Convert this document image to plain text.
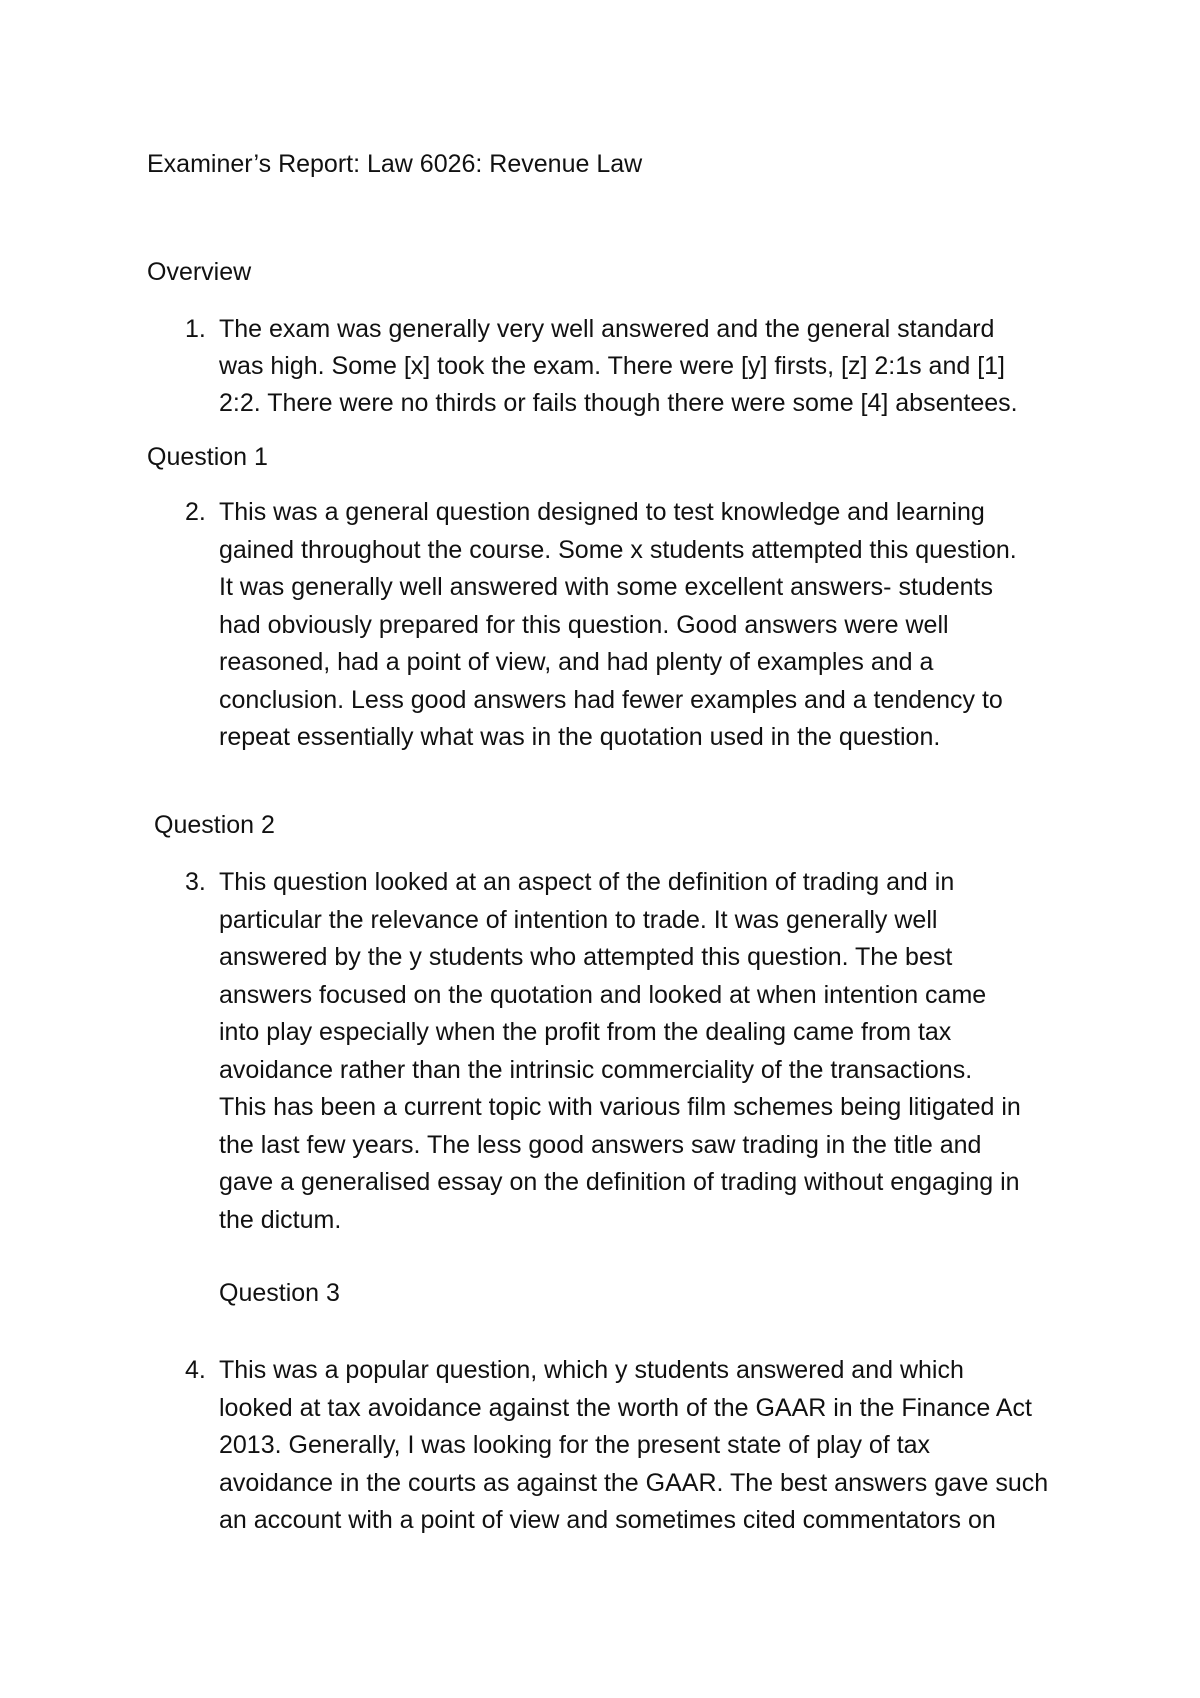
Examiner’s Report: Law 6026: Revenue Law
Overview
1. The exam was generally very well answered and the general standard
was high. Some [x] took the exam. There were [y] firsts, [z] 2:1s and [1]
2:2. There were no thirds or fails though there were some [4] absentees.
Question 1
2. This was a general question designed to test knowledge and learning
gained throughout the course. Some x students attempted this question.
It was generally well answered with some excellent answers- students
had obviously prepared for this question. Good answers were well
reasoned, had a point of view, and had plenty of examples and a
conclusion. Less good answers had fewer examples and a tendency to
repeat essentially what was in the quotation used in the question.
Question 2
3. This question looked at an aspect of the definition of trading and in
particular the relevance of intention to trade. It was generally well
answered by the y students who attempted this question. The best
answers focused on the quotation and looked at when intention came
into play especially when the profit from the dealing came from tax
avoidance rather than the intrinsic commerciality of the transactions.
This has been a current topic with various film schemes being litigated in
the last few years. The less good answers saw trading in the title and
gave a generalised essay on the definition of trading without engaging in
the dictum.
Question 3
4. This was a popular question, which y students answered and which
looked at tax avoidance against the worth of the GAAR in the Finance Act
2013. Generally, I was looking for the present state of play of tax
avoidance in the courts as against the GAAR. The best answers gave such
an account with a point of view and sometimes cited commentators on
